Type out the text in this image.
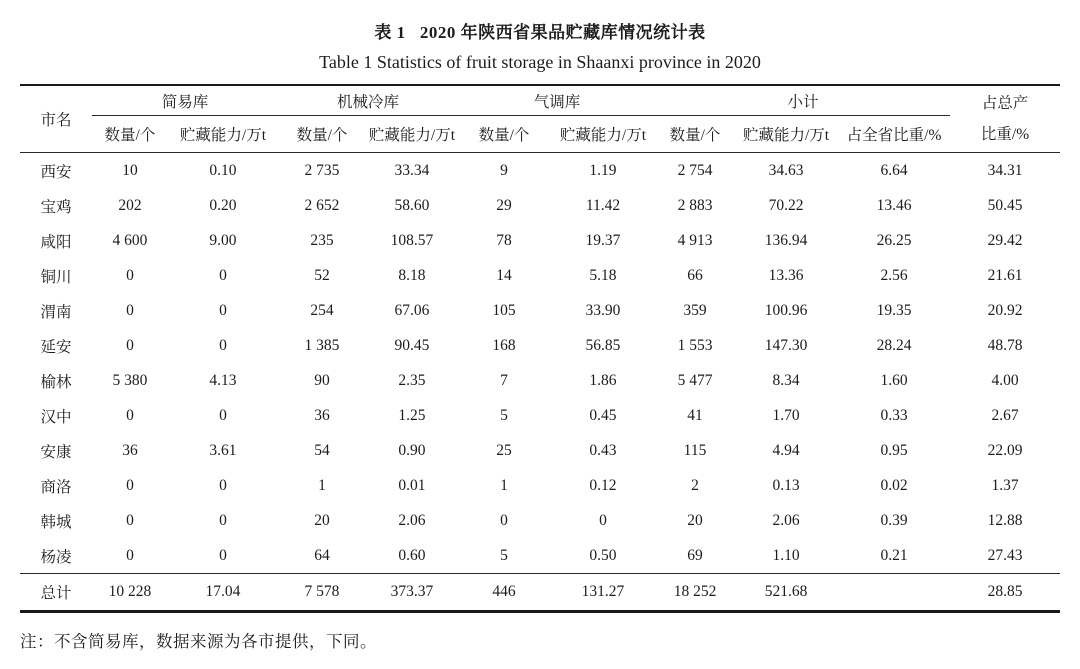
表 1   2020 年陕西省果品贮藏库情况统计表
Table 1 Statistics of fruit storage in Shaanxi province in 2020
市名	简易库		机械冷库		气调库		小计			占总产
比重/%
	数量/个	贮藏能力/万t	数量/个	贮藏能力/万t	数量/个	贮藏能力/万t	数量/个	贮藏能力/万t	占全省比重/%	
西安	10	0.10	2 735	33.34	9	1.19	2 754	34.63	6.64	34.31
宝鸡	202	0.20	2 652	58.60	29	11.42	2 883	70.22	13.46	50.45
咸阳	4 600	9.00	235	108.57	78	19.37	4 913	136.94	26.25	29.42
铜川	0	0	52	8.18	14	5.18	66	13.36	2.56	21.61
渭南	0	0	254	67.06	105	33.90	359	100.96	19.35	20.92
延安	0	0	1 385	90.45	168	56.85	1 553	147.30	28.24	48.78
榆林	5 380	4.13	90	2.35	7	1.86	5 477	8.34	1.60	4.00
汉中	0	0	36	1.25	5	0.45	41	1.70	0.33	2.67
安康	36	3.61	54	0.90	25	0.43	115	4.94	0.95	22.09
商洛	0	0	1	0.01	1	0.12	2	0.13	0.02	1.37
韩城	0	0	20	2.06	0	0	20	2.06	0.39	12.88
杨凌	0	0	64	0.60	5	0.50	69	1.10	0.21	27.43
总计	10 228	17.04	7 578	373.37	446	131.27	18 252	521.68		28.85
注：不含简易库，数据来源为各市提供，下同。
